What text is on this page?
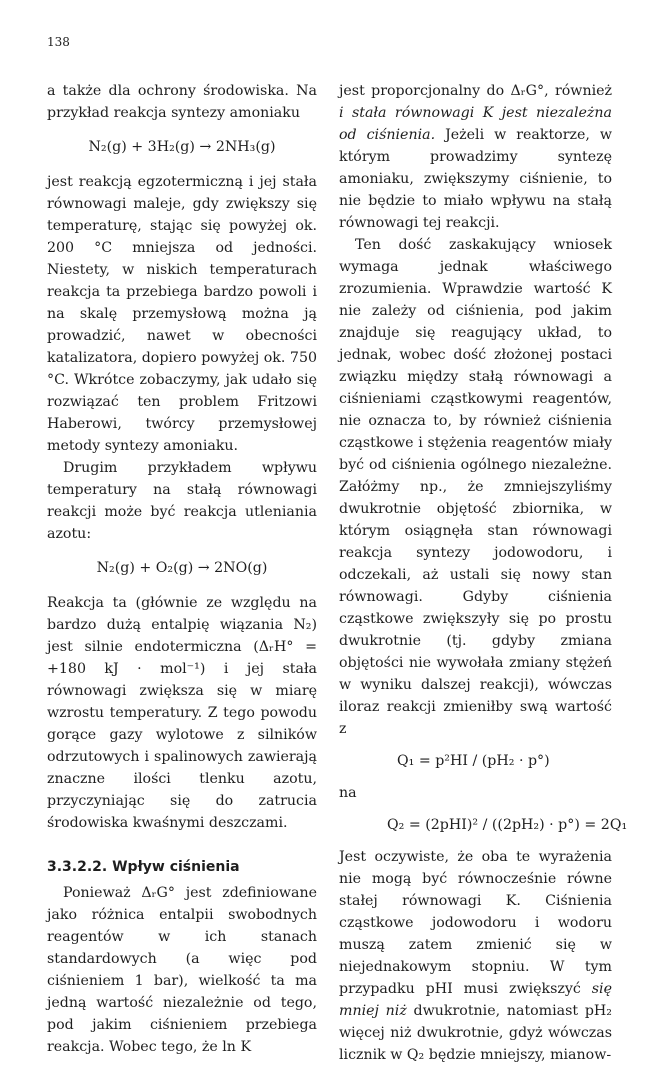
138

a także dla ochrony środowiska. Na przykład reakcja syntezy amoniaku

N₂(g) + 3H₂(g) → 2NH₃(g)

jest reakcją egzotermiczną i jej stała równowagi maleje, gdy zwiększy się temperaturę, stając się powyżej ok. 200 °C mniejsza od jedności. Niestety, w niskich temperaturach reakcja ta przebiega bardzo powoli i na skalę przemysłową można ją prowadzić, nawet w obecności katalizatora, dopiero powyżej ok. 750 °C. Wkrótce zobaczymy, jak udało się rozwiązać ten problem Fritzowi Haberowi, twórcy przemysłowej metody syntezy amoniaku.

Drugim przykładem wpływu temperatury na stałą równowagi reakcji może być reakcja utleniania azotu:

N₂(g) + O₂(g) → 2NO(g)

Reakcja ta (głównie ze względu na bardzo dużą entalpię wiązania N₂) jest silnie endotermiczna (ΔᵣH° = +180 kJ · mol⁻¹) i jej stała równowagi zwiększa się w miarę wzrostu temperatury. Z tego powodu gorące gazy wylotowe z silników odrzutowych i spalinowych zawierają znaczne ilości tlenku azotu, przyczyniając się do zatrucia środowiska kwaśnymi deszczami.

3.3.2.2. Wpływ ciśnienia

Ponieważ ΔᵣG° jest zdefiniowane jako różnica entalpii swobodnych reagentów w ich stanach standardowych (a więc pod ciśnieniem 1 bar), wielkość ta ma jedną wartość niezależnie od tego, pod jakim ciśnieniem przebiega reakcja. Wobec tego, że ln K

jest proporcjonalny do ΔᵣG°, również i stała równowagi K jest niezależna od ciśnienia. Jeżeli w reaktorze, w którym prowadzimy syntezę amoniaku, zwiększymy ciśnienie, to nie będzie to miało wpływu na stałą równowagi tej reakcji.

Ten dość zaskakujący wniosek wymaga jednak właściwego zrozumienia. Wprawdzie wartość K nie zależy od ciśnienia, pod jakim znajduje się reagujący układ, to jednak, wobec dość złożonej postaci związku między stałą równowagi a ciśnieniami cząstkowymi reagentów, nie oznacza to, by również ciśnienia cząstkowe i stężenia reagentów miały być od ciśnienia ogólnego niezależne. Załóżmy np., że zmniejszyliśmy dwukrotnie objętość zbiornika, w którym osiągnęła stan równowagi reakcja syntezy jodowodoru, i odczekali, aż ustali się nowy stan równowagi. Gdyby ciśnienia cząstkowe zwiększyły się po prostu dwukrotnie (tj. gdyby zmiana objętości nie wywołała zmiany stężeń w wyniku dalszej reakcji), wówczas iloraz reakcji zmieniłby swą wartość z

Q₁ = p²HI / (pH₂ · p°)
na
Q₂ = (2pHI)² / ((2pH₂) · p°) = 2Q₁

Jest oczywiste, że oba te wyrażenia nie mogą być równocześnie równe stałej równowagi K. Ciśnienia cząstkowe jodowodoru i wodoru muszą zatem zmienić się w niejednakowym stopniu. W tym przypadku pHI musi zwiększyć się mniej niż dwukrotnie, natomiast pH₂ więcej niż dwukrotnie, gdyż wówczas licznik w Q₂ będzie mniejszy, mianow-
